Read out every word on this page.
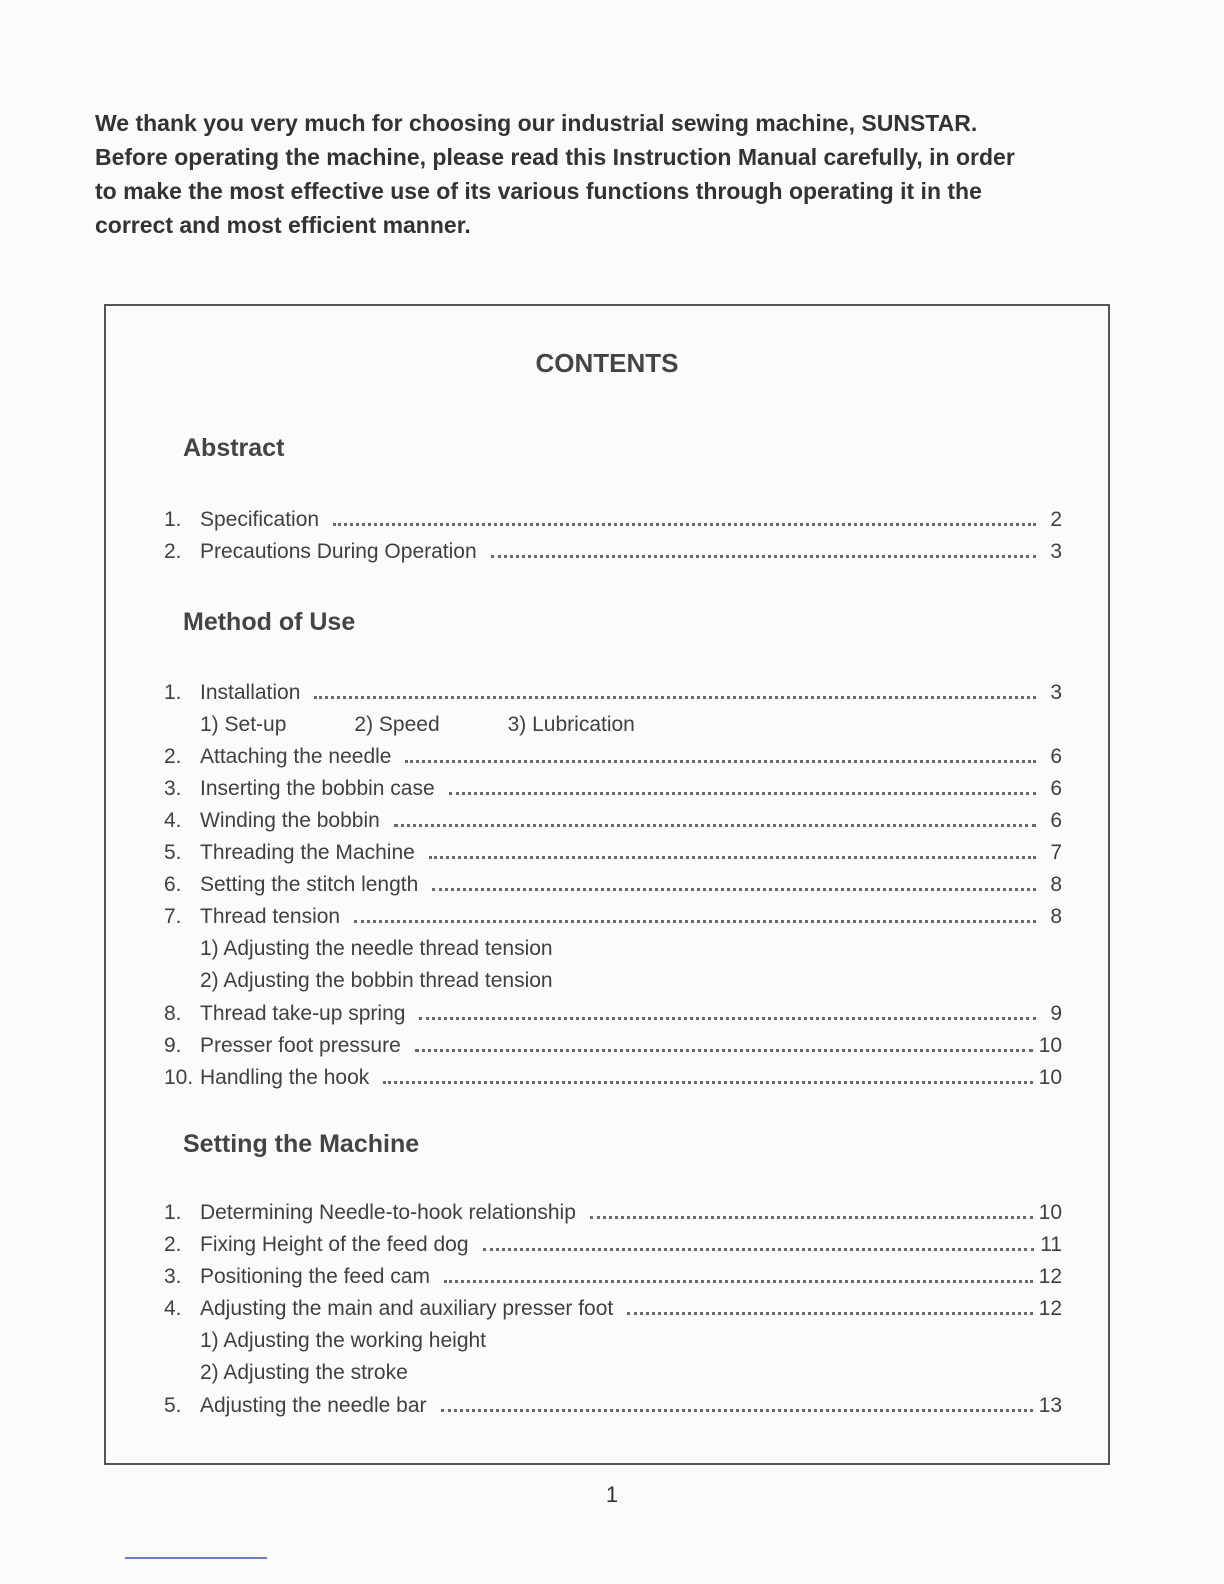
We thank you very much for choosing our industrial sewing machine, SUNSTAR.
Before operating the machine, please read this Instruction Manual carefully, in order
to make the most effective use of its various functions through operating it in the
correct and most efficient manner.
CONTENTS
Abstract
1. Specification	2
2. Precautions During Operation	3
Method of Use
1. Installation	3
1) Set-up	2) Speed	3) Lubrication
2. Attaching the needle	6
3. Inserting the bobbin case	6
4. Winding the bobbin	6
5. Threading the Machine	7
6. Setting the stitch length	8
7. Thread tension	8
1) Adjusting the needle thread tension
2) Adjusting the bobbin thread tension
8. Thread take-up spring	9
9. Presser foot pressure	10
10. Handling the hook	10
Setting the Machine
1. Determining Needle-to-hook relationship	10
2. Fixing Height of the feed dog	11
3. Positioning the feed cam	12
4. Adjusting the main and auxiliary presser foot	12
1) Adjusting the working height
2) Adjusting the stroke
5. Adjusting the needle bar	13
1
